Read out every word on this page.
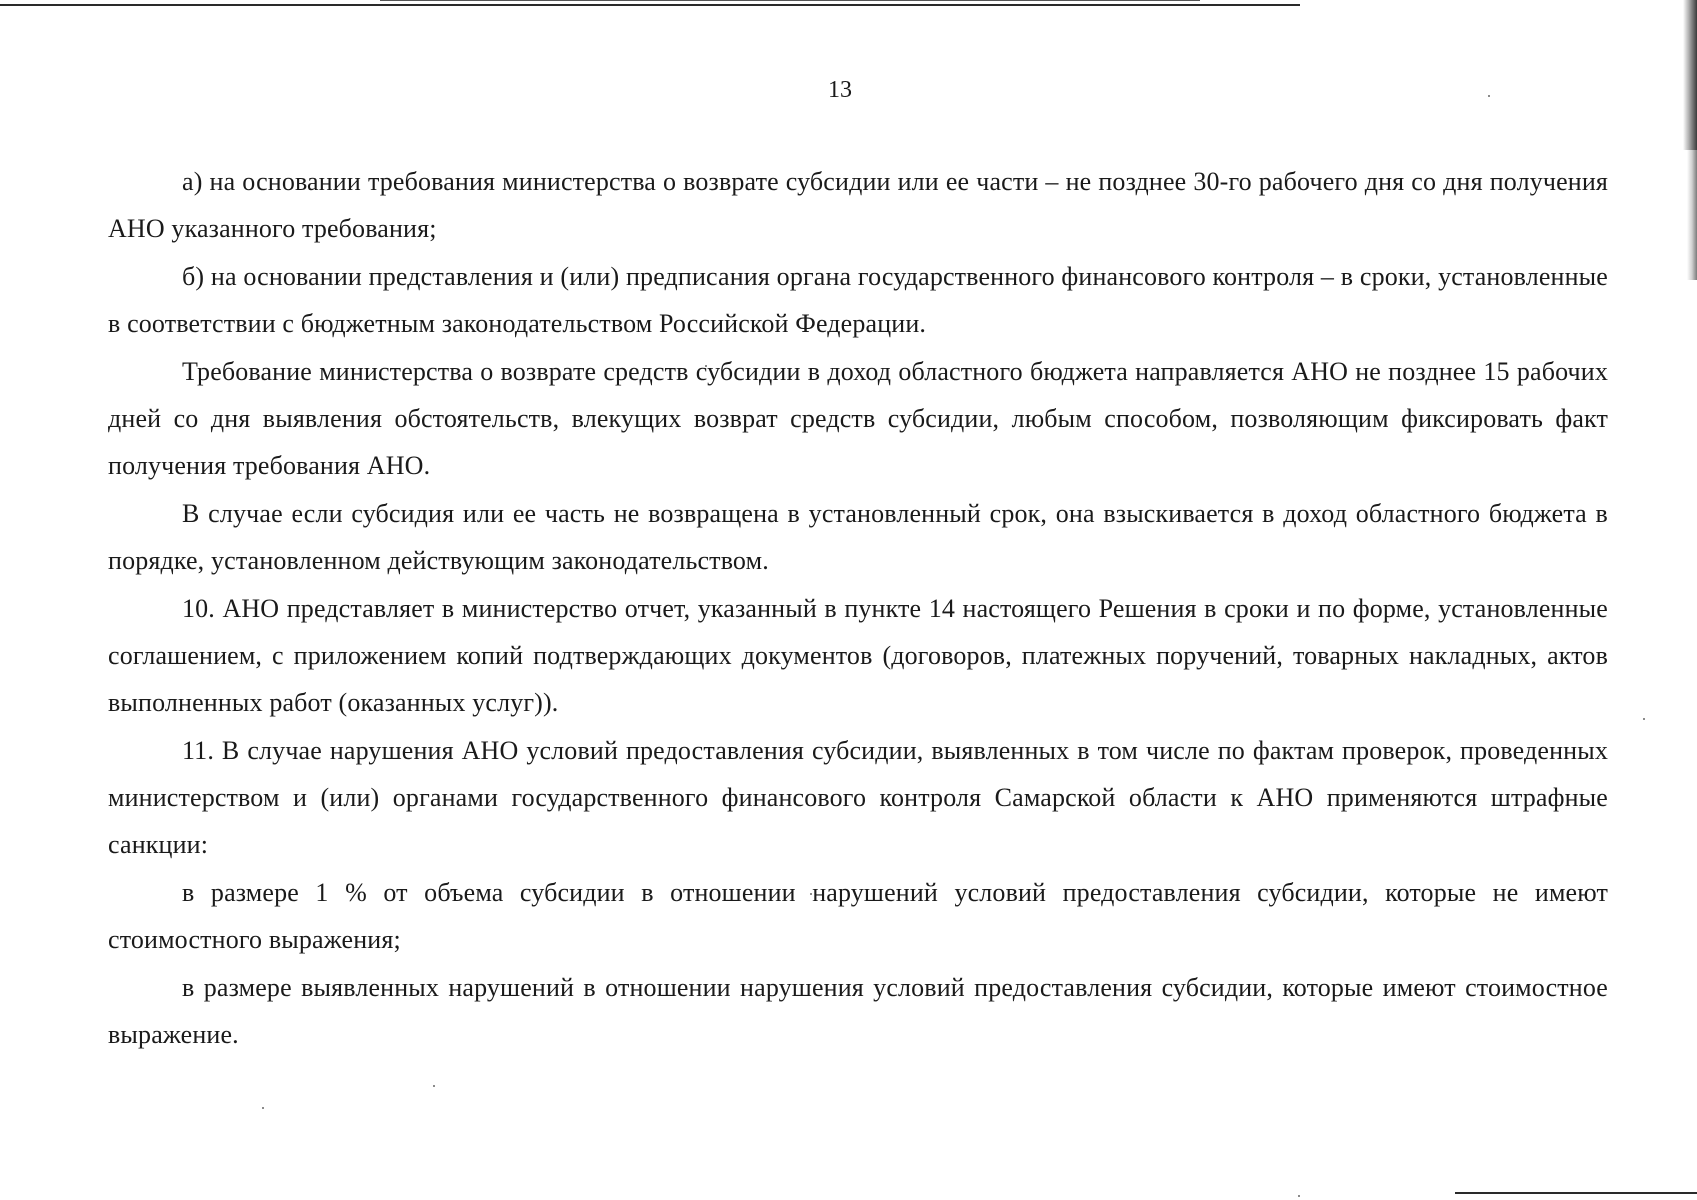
13

а) на основании требования министерства о возврате субсидии или ее части – не позднее 30-го рабочего дня со дня получения АНО указанного требования;

б) на основании представления и (или) предписания органа государственного финансового контроля – в сроки, установленные в соответствии с бюджетным законодательством Российской Федерации.

Требование министерства о возврате средств субсидии в доход областного бюджета направляется АНО не позднее 15 рабочих дней со дня выявления обстоятельств, влекущих возврат средств субсидии, любым способом, позволяющим фиксировать факт получения требования АНО.

В случае если субсидия или ее часть не возвращена в установленный срок, она взыскивается в доход областного бюджета в порядке, установленном действующим законодательством.

10. АНО представляет в министерство отчет, указанный в пункте 14 настоящего Решения в сроки и по форме, установленные соглашением, с приложением копий подтверждающих документов (договоров, платежных поручений, товарных накладных, актов выполненных работ (оказанных услуг)).

11. В случае нарушения АНО условий предоставления субсидии, выявленных в том числе по фактам проверок, проведенных министерством и (или) органами государственного финансового контроля Самарской области к АНО применяются штрафные санкции:

в размере 1 % от объема субсидии в отношении нарушений условий предоставления субсидии, которые не имеют стоимостного выражения;

в размере выявленных нарушений в отношении нарушения условий предоставления субсидии, которые имеют стоимостное выражение.
